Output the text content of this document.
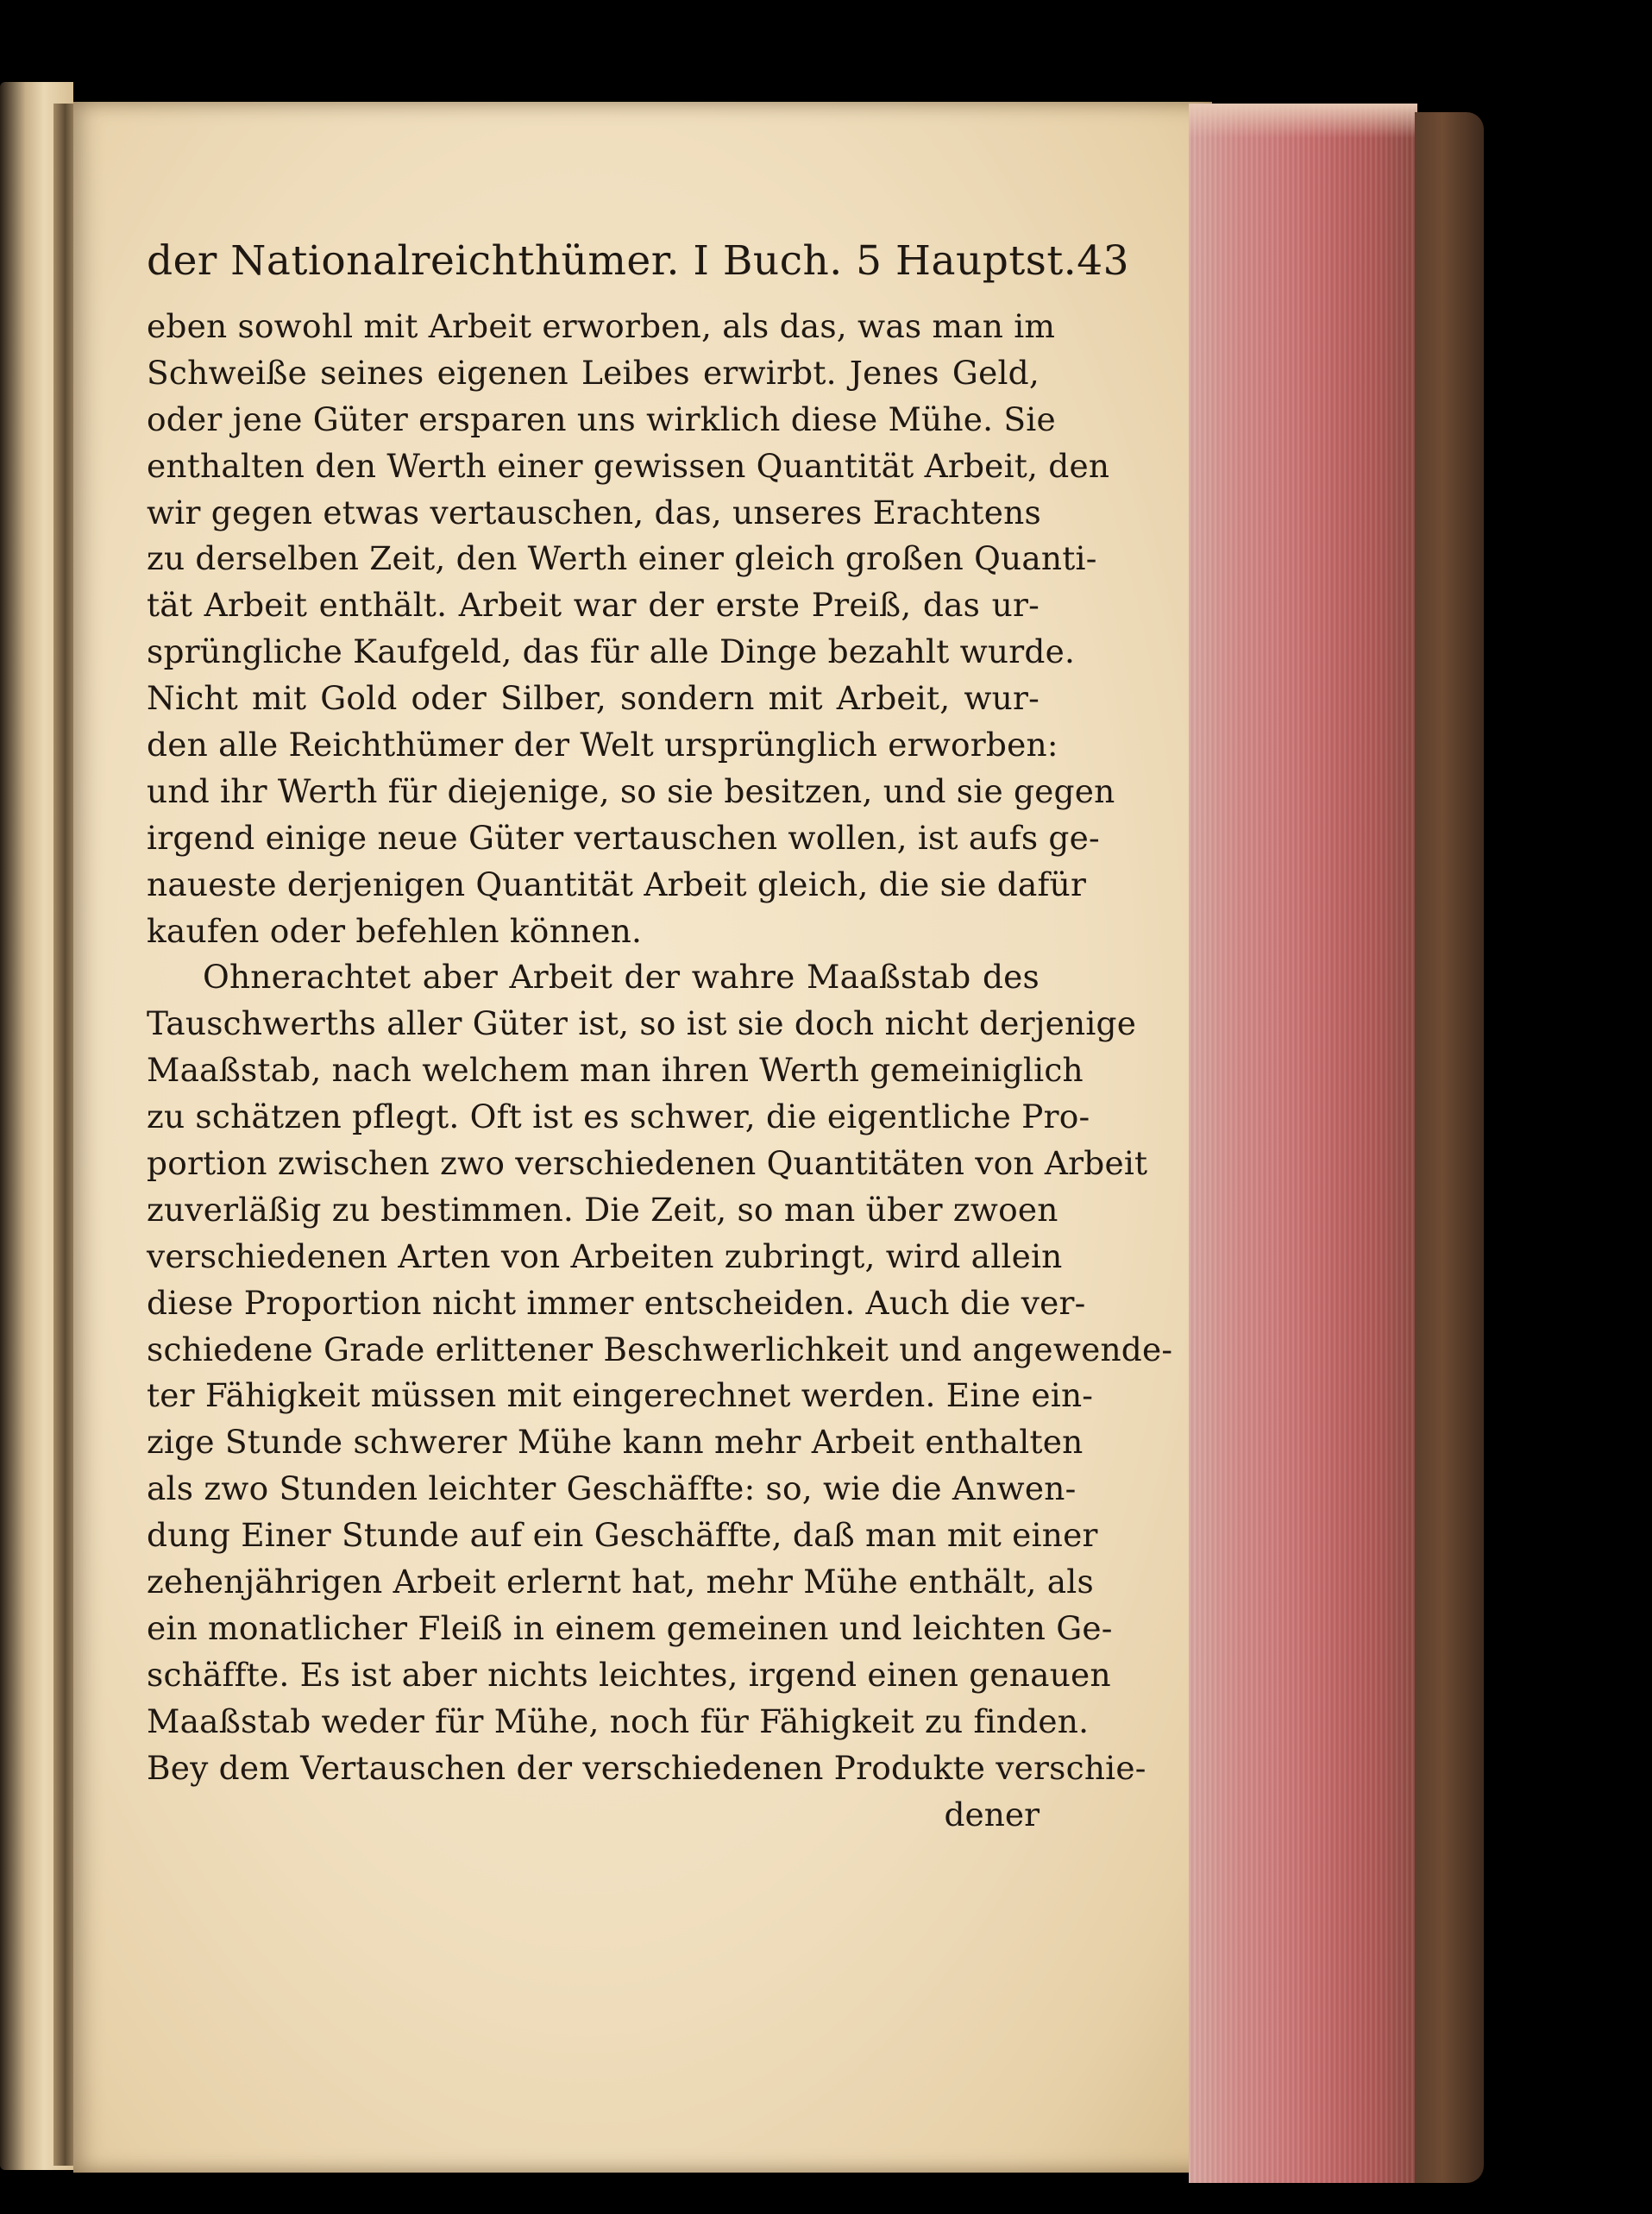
der Nationalreichthümer. I Buch. 5 Hauptst. 43
eben sowohl mit Arbeit erworben, als das, was man im
Schweiße seines eigenen Leibes erwirbt. Jenes Geld,
oder jene Güter ersparen uns wirklich diese Mühe. Sie
enthalten den Werth einer gewissen Quantität Arbeit, den
wir gegen etwas vertauschen, das, unseres Erachtens
zu derselben Zeit, den Werth einer gleich großen Quanti-
tät Arbeit enthält. Arbeit war der erste Preiß, das ur-
sprüngliche Kaufgeld, das für alle Dinge bezahlt wurde.
Nicht mit Gold oder Silber, sondern mit Arbeit, wur-
den alle Reichthümer der Welt ursprünglich erworben:
und ihr Werth für diejenige, so sie besitzen, und sie gegen
irgend einige neue Güter vertauschen wollen, ist aufs ge-
naueste derjenigen Quantität Arbeit gleich, die sie dafür
kaufen oder befehlen können.
Ohnerachtet aber Arbeit der wahre Maaßstab des
Tauschwerths aller Güter ist, so ist sie doch nicht derjenige
Maaßstab, nach welchem man ihren Werth gemeiniglich
zu schätzen pflegt. Oft ist es schwer, die eigentliche Pro-
portion zwischen zwo verschiedenen Quantitäten von Arbeit
zuverläßig zu bestimmen. Die Zeit, so man über zwoen
verschiedenen Arten von Arbeiten zubringt, wird allein
diese Proportion nicht immer entscheiden. Auch die ver-
schiedene Grade erlittener Beschwerlichkeit und angewende-
ter Fähigkeit müssen mit eingerechnet werden. Eine ein-
zige Stunde schwerer Mühe kann mehr Arbeit enthalten
als zwo Stunden leichter Geschäffte: so, wie die Anwen-
dung Einer Stunde auf ein Geschäffte, daß man mit einer
zehenjährigen Arbeit erlernt hat, mehr Mühe enthält, als
ein monatlicher Fleiß in einem gemeinen und leichten Ge-
schäffte. Es ist aber nichts leichtes, irgend einen genauen
Maaßstab weder für Mühe, noch für Fähigkeit zu finden.
Bey dem Vertauschen der verschiedenen Produkte verschie-
dener
